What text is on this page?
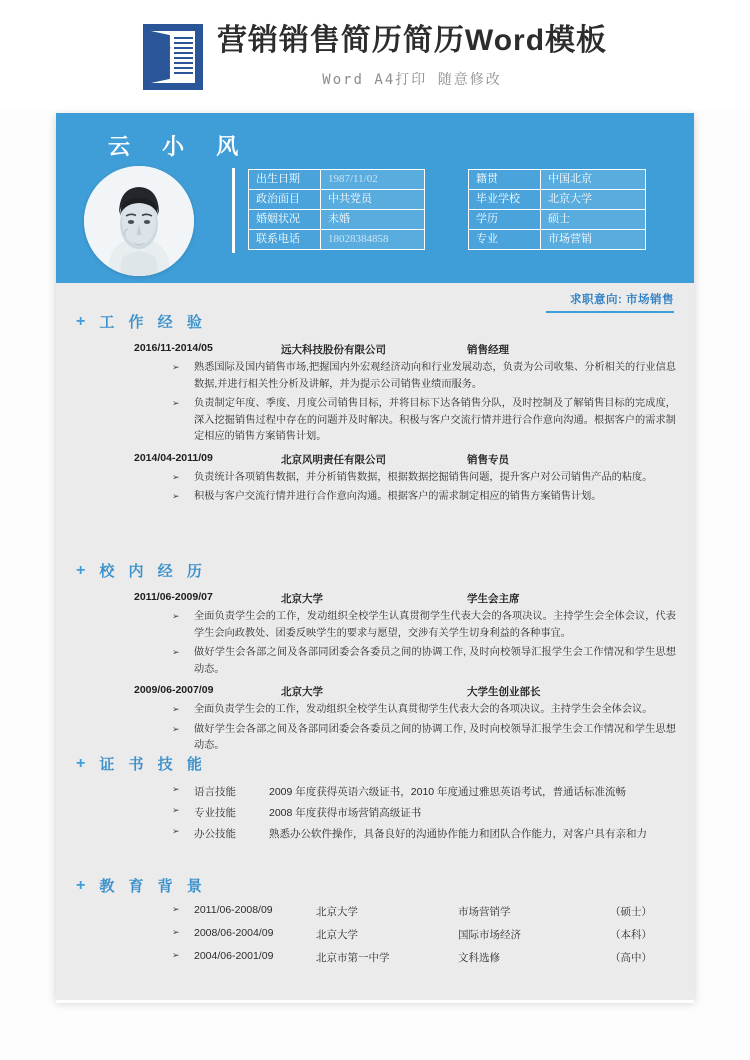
W 营销销售简历简历Word模板
Word A4打印 随意修改
云 小 风
出生日期	1987/11/02
政治面目	中共党员
婚姻状况	未婚
联系电话	18028384858
籍贯	中国北京
毕业学校	北京大学
学历	硕士
专业	市场营销
求职意向: 市场销售
+ 工 作 经 验
2016/11-2014/05	远大科技股份有限公司	销售经理
➢	熟悉国际及国内销售市场,把握国内外宏观经济动向和行业发展动态，负责为公司收集、分析相关的行业信息数据,并进行相关性分析及讲解，并为提示公司销售业绩而服务。
➢	负责制定年度、季度、月度公司销售目标，并将目标下达各销售分队，及时控制及了解销售目标的完成度，深入挖掘销售过程中存在的问题并及时解决。积极与客户交流行情并进行合作意向沟通。根据客户的需求制定相应的销售方案销售计划。
2014/04-2011/09	北京风明责任有限公司	销售专员
➢	负责统计各项销售数据，并分析销售数据，根据数据挖掘销售问题，提升客户对公司销售产品的粘度。
➢	积极与客户交流行情并进行合作意向沟通。根据客户的需求制定相应的销售方案销售计划。
+ 校 内 经 历
2011/06-2009/07	北京大学	学生会主席
➢	全面负责学生会的工作，发动组织全校学生认真贯彻学生代表大会的各项决议。主持学生会全体会议，代表学生会向政教处、团委反映学生的要求与愿望，交涉有关学生切身利益的各种事宜。
➢	做好学生会各部之间及各部同团委会各委员之间的协调工作, 及时向校领导汇报学生会工作情况和学生思想动态。
2009/06-2007/09	北京大学	大学生创业部长
➢	全面负责学生会的工作，发动组织全校学生认真贯彻学生代表大会的各项决议。主持学生会全体会议。
➢	做好学生会各部之间及各部同团委会各委员之间的协调工作, 及时向校领导汇报学生会工作情况和学生思想动态。
+ 证 书 技 能
➢	语言技能	2009 年度获得英语六级证书，2010 年度通过雅思英语考试，普通话标准流畅
➢	专业技能	2008 年度获得市场营销高级证书
➢	办公技能	熟悉办公软件操作，具备良好的沟通协作能力和团队合作能力，对客户具有亲和力
+ 教 育 背 景
➢	2011/06-2008/09	北京大学	市场营销学	（硕士）
➢	2008/06-2004/09	北京大学	国际市场经济	（本科）
➢	2004/06-2001/09	北京市第一中学	文科选修	（高中）
